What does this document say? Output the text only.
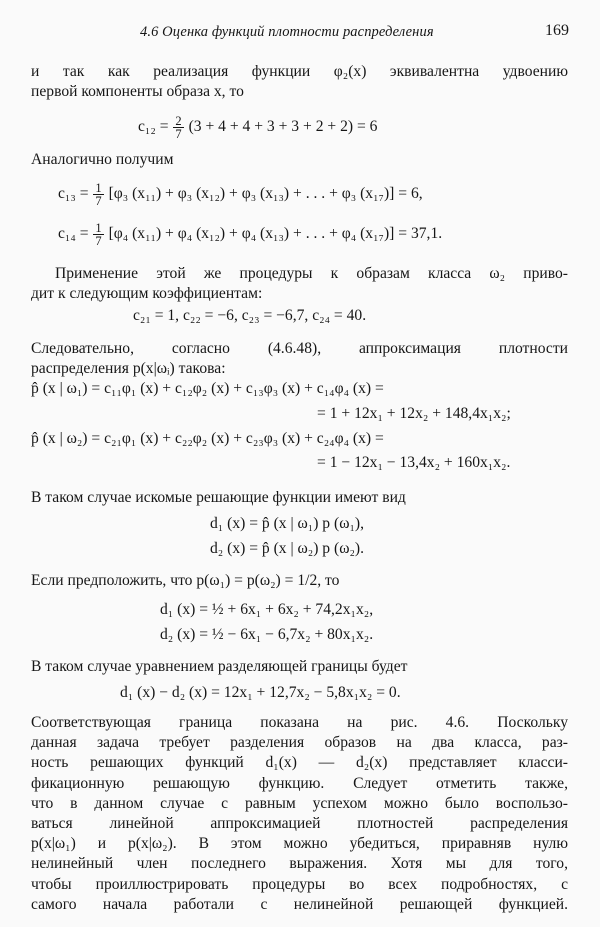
4.6 Оценка функций плотности распределения	169
и так как реализация функции φ₂(x) эквивалентна удвоению
первой компоненты образа x, то
$c_{12} = \frac{2}{7} (3 + 4 + 4 + 3 + 3 + 2 + 2) = 6$
Аналогично получим
$c_{13} = \frac{1}{7} [\varphi_3$ (x₁₁) + φ₃ (x₁₂) + φ₃ (x₁₃) + . . . + φ₃ (x₁₇)] = 6,
$c_{14} = \frac{1}{7} [\varphi_4$ (x₁₁) + φ₄ (x₁₂) + φ₄ (x₁₃) + . . . + φ₄ (x₁₇)] = 37,1.
Применение этой же процедуры к образам класса ω₂ приво-
дит к следующим коэффициентам:
c₂₁ = 1, c₂₂ = −6, c₂₃ = −6,7, c₂₄ = 40.
Следовательно, согласно (4.6.48), аппроксимация плотности
распределения p(x|ωᵢ) такова:
p̂ (x | ω₁) = c₁₁φ₁ (x) + c₁₂φ₂ (x) + c₁₃φ₃ (x) + c₁₄φ₄ (x) =
= 1 + 12x₁ + 12x₂ + 148,4x₁x₂;
p̂ (x | ω₂) = c₂₁φ₁ (x) + c₂₂φ₂ (x) + c₂₃φ₃ (x) + c₂₄φ₄ (x) =
= 1 − 12x₁ − 13,4x₂ + 160x₁x₂.
В таком случае искомые решающие функции имеют вид
d₁ (x) = p̂ (x | ω₁) p (ω₁),
d₂ (x) = p̂ (x | ω₂) p (ω₂).
Если предположить, что p(ω₁) = p(ω₂) = 1/2, то
d₁ (x) = ½ + 6x₁ + 6x₂ + 74,2x₁x₂,
d₂ (x) = ½ − 6x₁ − 6,7x₂ + 80x₁x₂.
В таком случае уравнением разделяющей границы будет
d₁ (x) − d₂ (x) = 12x₁ + 12,7x₂ − 5,8x₁x₂ = 0.
Соответствующая граница показана на рис. 4.6. Поскольку
данная задача требует разделения образов на два класса, раз-
ность решающих функций d₁(x) — d₂(x) представляет класси-
фикационную решающую функцию. Следует отметить также,
что в данном случае с равным успехом можно было воспользо-
ваться линейной аппроксимацией плотностей распределения
p(x|ω₁) и p(x|ω₂). В этом можно убедиться, приравняв нулю
нелинейный член последнего выражения. Хотя мы для того,
чтобы проиллюстрировать процедуры во всех подробностях, с
самого начала работали с нелинейной решающей функцией.
